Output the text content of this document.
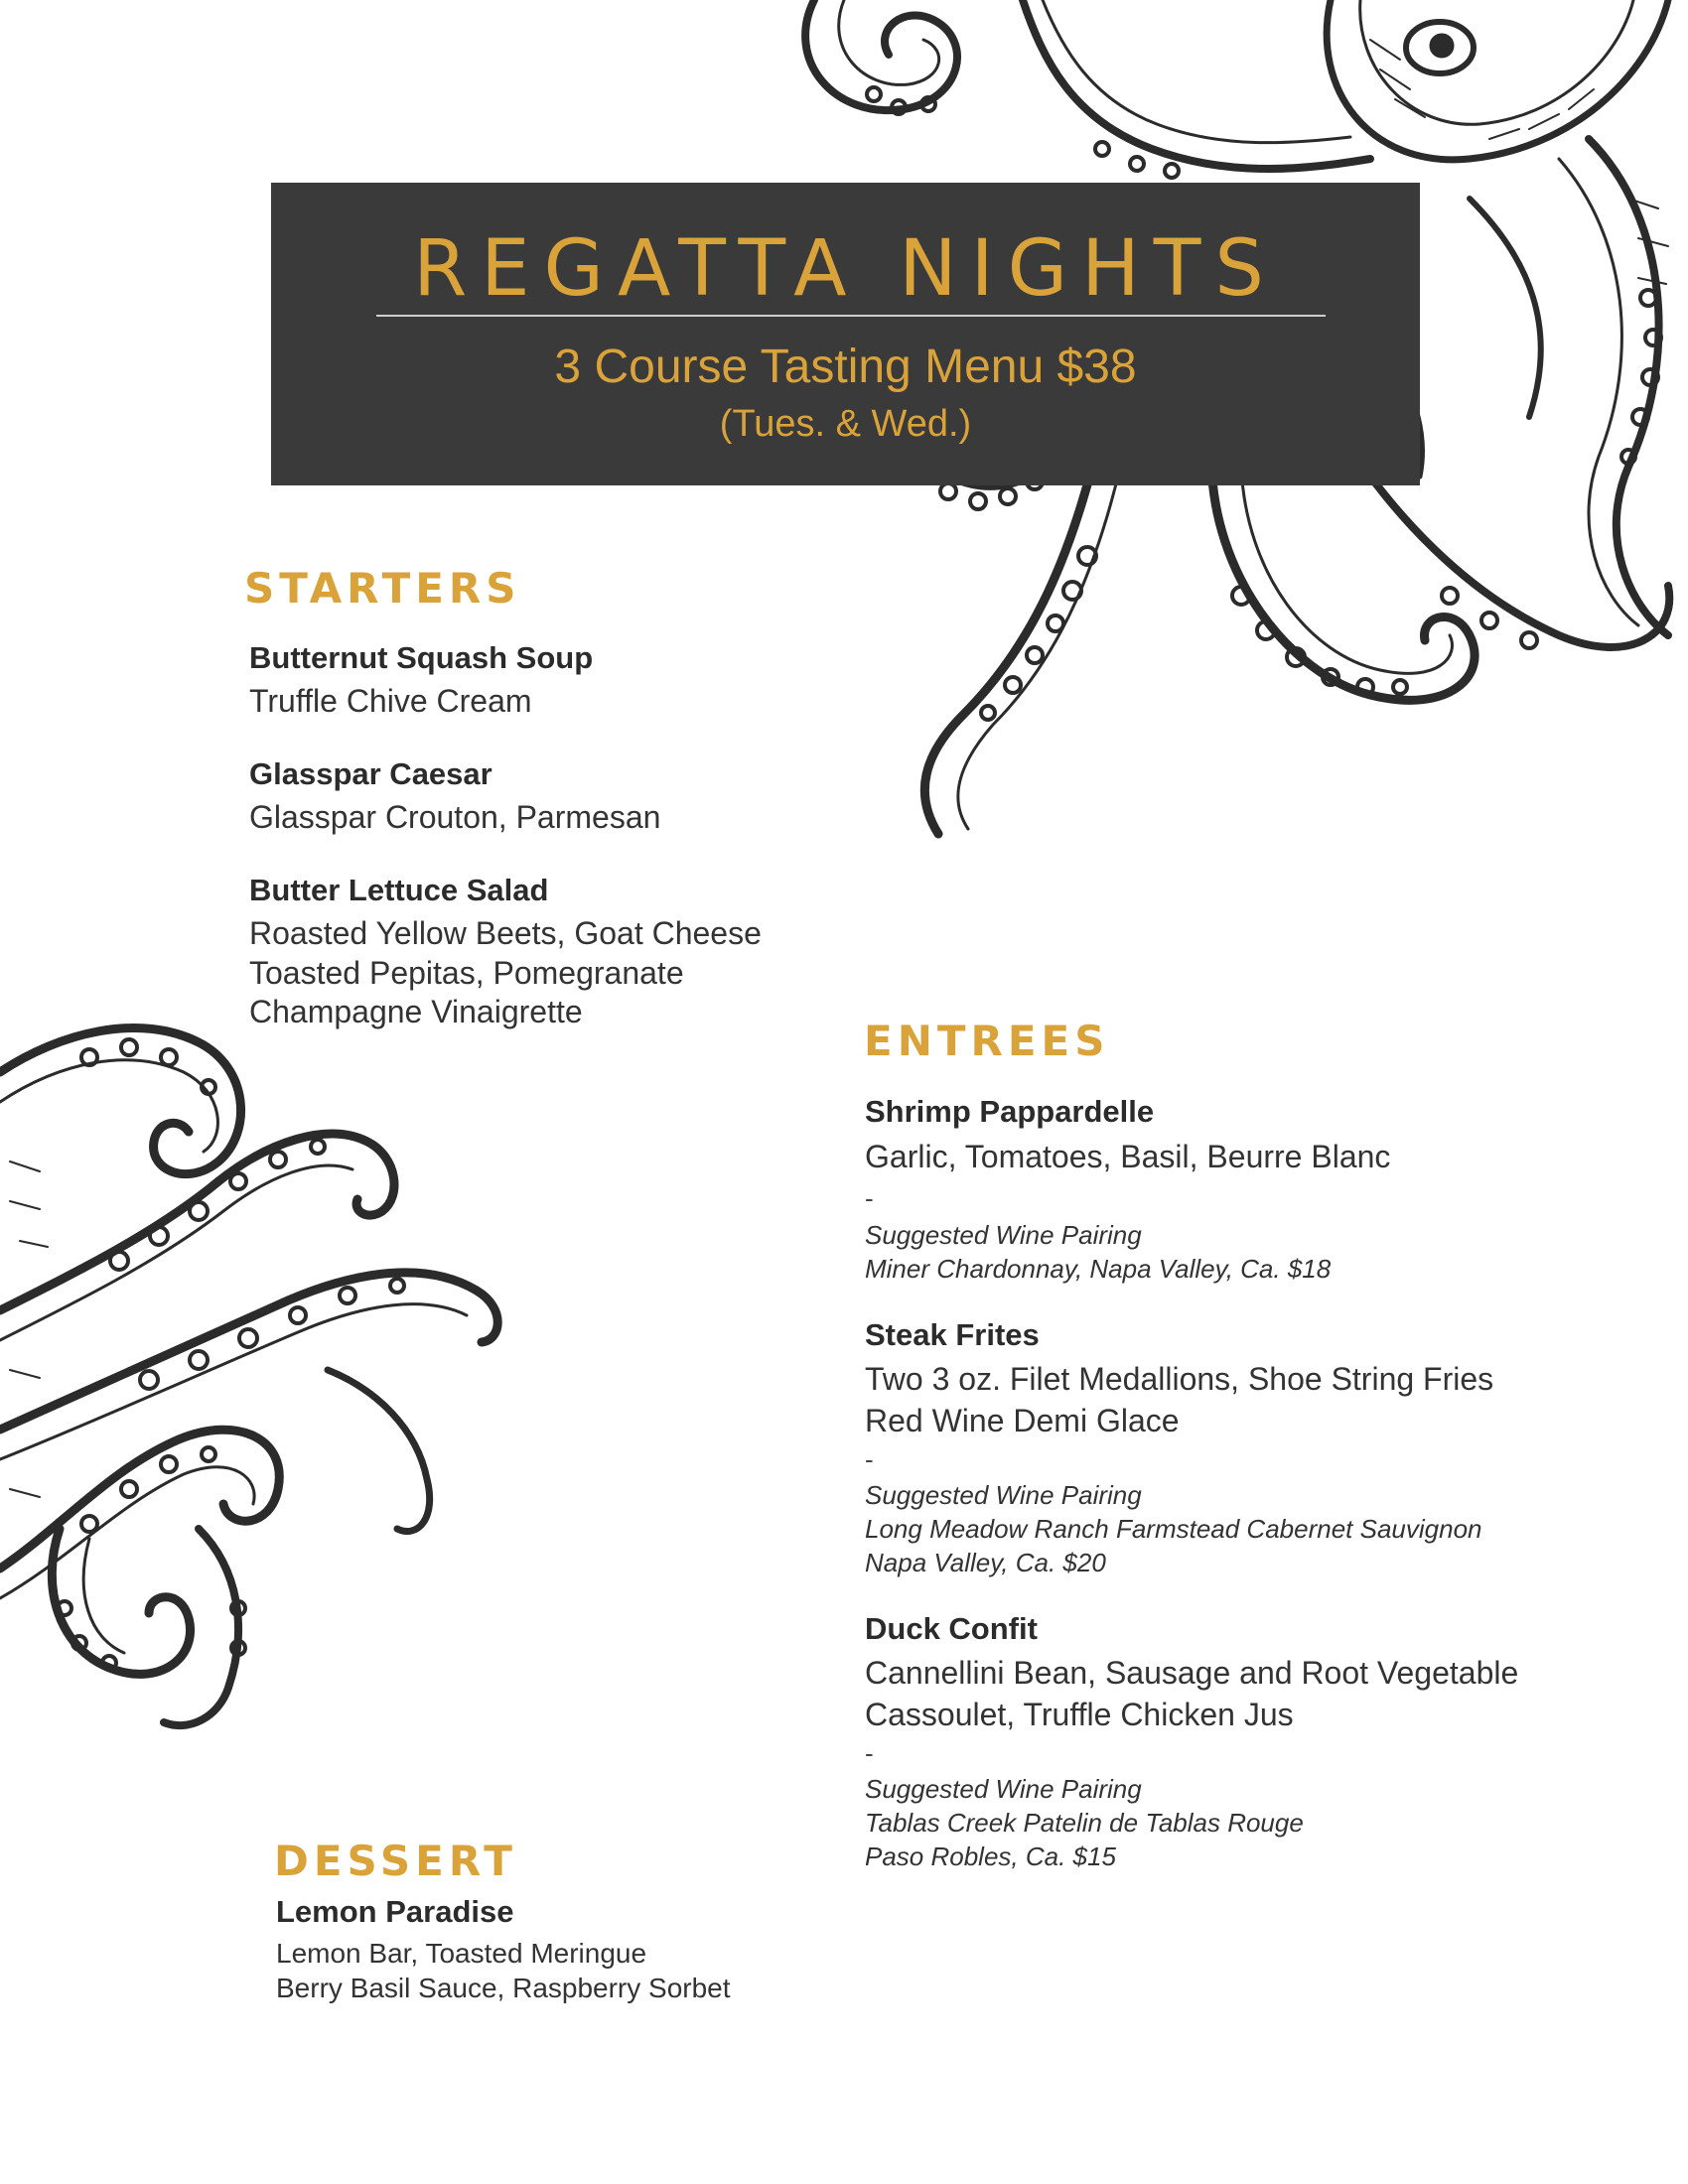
REGATTA NIGHTS
3 Course Tasting Menu $38
(Tues. & Wed.)
STARTERS
Butternut Squash Soup
Truffle Chive Cream
Glasspar Caesar
Glasspar Crouton, Parmesan
Butter Lettuce Salad
Roasted Yellow Beets, Goat Cheese
Toasted Pepitas, Pomegranate
Champagne Vinaigrette
ENTREES
Shrimp Pappardelle
Garlic, Tomatoes, Basil, Beurre Blanc
-
Suggested Wine Pairing
Miner Chardonnay, Napa Valley, Ca. $18
Steak Frites
Two 3 oz. Filet Medallions, Shoe String Fries
Red Wine Demi Glace
-
Suggested Wine Pairing
Long Meadow Ranch Farmstead Cabernet Sauvignon
Napa Valley, Ca. $20
Duck Confit
Cannellini Bean, Sausage and Root Vegetable
Cassoulet, Truffle Chicken Jus
-
Suggested Wine Pairing
Tablas Creek Patelin de Tablas Rouge
Paso Robles, Ca. $15
DESSERT
Lemon Paradise
Lemon Bar, Toasted Meringue
Berry Basil Sauce, Raspberry Sorbet
